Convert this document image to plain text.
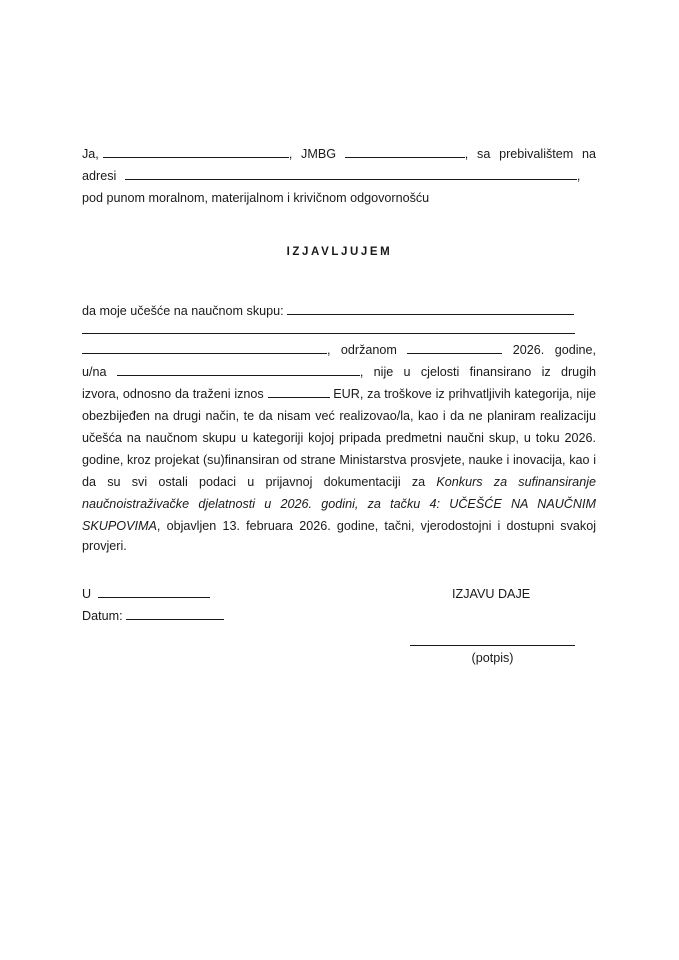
Ja,	, JMBG	, sa prebivalištem na
adresi	,
pod punom moralnom, materijalnom i krivičnom odgovornošću
IZJAVLJUJEM
da moje učešće na naučnom skupu:
, održanom	2026. godine,
u/na	, nije u cjelosti finansirano iz drugih
izvora, odnosno da traženi iznos	EUR, za troškove iz prihvatljivih kategorija, nije
obezbijeđen na drugi način, te da nisam već realizovao/la, kao i da ne planiram realizaciju
učešća na naučnom skupu u kategoriji kojoj pripada predmetni naučni skup, u toku 2026.
godine, kroz projekat (su)finansiran od strane Ministarstva prosvjete, nauke i inovacija, kao i
da su svi ostali podaci u prijavnoj dokumentaciji za Konkurs za sufinansiranje
naučnoistraživačke djelatnosti u 2026. godini, za tačku 4: UČEŠĆE NA NAUČNIM
SKUPOVIMA, objavljen 13. februara 2026. godine, tačni, vjerodostojni i dostupni svakoj
provjeri.
U	IZJAVU DAJE
Datum:
(potpis)
